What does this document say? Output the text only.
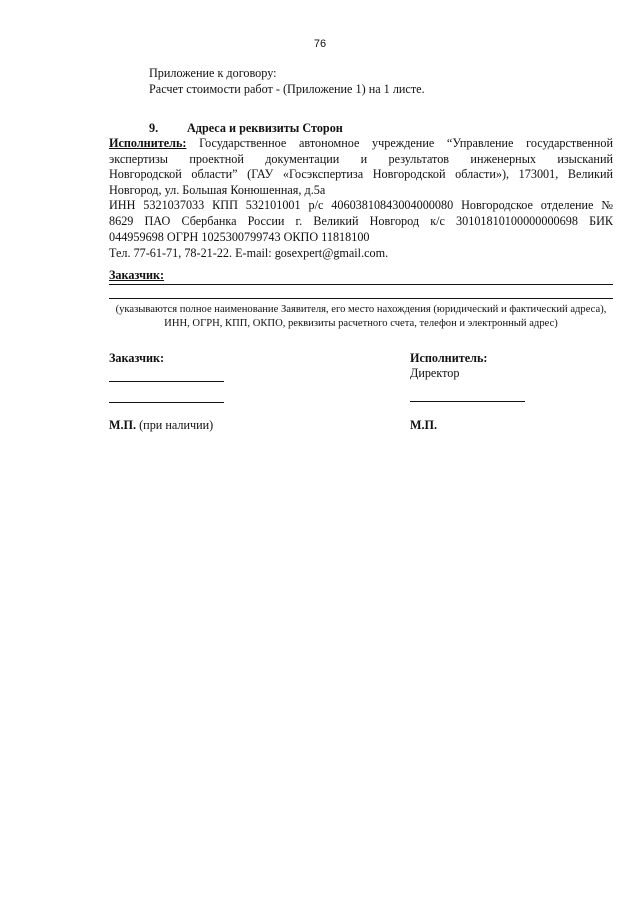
76
Приложение к договору:
Расчет стоимости работ - (Приложение 1) на 1 листе.
9. Адреса и реквизиты Сторон
Исполнитель: Государственное автономное учреждение “Управление государственной
экспертизы проектной документации и результатов инженерных изысканий
Новгородской области” (ГАУ «Госэкспертиза Новгородской области»), 173001, Великий
Новгород, ул. Большая Конюшенная, д.5а
ИНН 5321037033 КПП 532101001 р/с 40603810843004000080 Новгородское отделение №
8629 ПАО Сбербанка России г. Великий Новгород к/с 30101810100000000698 БИК
044959698 ОГРН 1025300799743 ОКПО 11818100
Тел. 77-61-71, 78-21-22. E-mail: gosexpert@gmail.com.
Заказчик:
(указываются полное наименование Заявителя, его место нахождения (юридический и фактический адреса),
ИНН, ОГРН, КПП, ОКПО, реквизиты расчетного счета, телефон и электронный адрес)
Заказчик:	Исполнитель:
Директор
М.П. (при наличии)	М.П.
